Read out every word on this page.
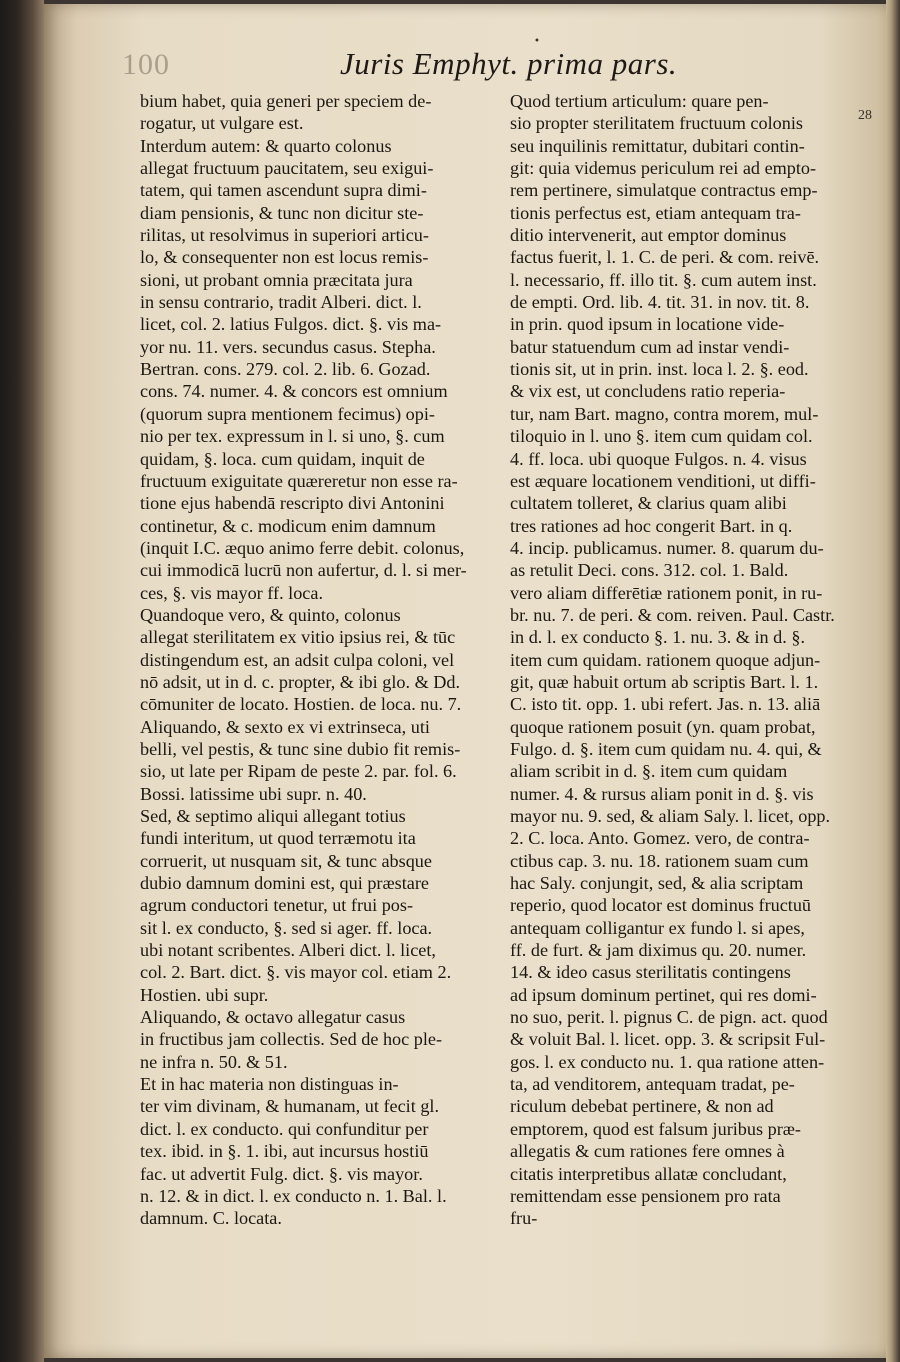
100
•
Juris Emphyt. prima pars.
28
bium habet, quia generi per speciem de-
rogatur, ut vulgare est.
Interdum autem: & quarto colonus
allegat fructuum paucitatem, seu exigui-
tatem, qui tamen ascendunt supra dimi-
diam pensionis, & tunc non dicitur ste-
rilitas, ut resolvimus in superiori articu-
lo, & consequenter non est locus remis-
sioni, ut probant omnia præcitata jura
in sensu contrario, tradit Alberi. dict. l.
licet, col. 2. latius Fulgos. dict. §. vis ma-
yor nu. 11. vers. secundus casus. Stepha.
Bertran. cons. 279. col. 2. lib. 6. Gozad.
cons. 74. numer. 4. & concors est omnium
(quorum supra mentionem fecimus) opi-
nio per tex. expressum in l. si uno, §. cum
quidam, §. loca. cum quidam, inquit de
fructuum exiguitate quæreretur non esse ra-
tione ejus habendā rescripto divi Antonini
continetur, & c. modicum enim damnum
(inquit I.C. æquo animo ferre debit. colonus,
cui immodicā lucrū non aufertur, d. l. si mer-
ces, §. vis mayor ff. loca.
Quandoque vero, & quinto, colonus
allegat sterilitatem ex vitio ipsius rei, & tūc
distingendum est, an adsit culpa coloni, vel
nō adsit, ut in d. c. propter, & ibi glo. & Dd.
cōmuniter de locato. Hostien. de loca. nu. 7.
Aliquando, & sexto ex vi extrinseca, uti
belli, vel pestis, & tunc sine dubio fit remis-
sio, ut late per Ripam de peste 2. par. fol. 6.
Bossi. latissime ubi supr. n. 40.
Sed, & septimo aliqui allegant totius
fundi interitum, ut quod terræmotu ita
corruerit, ut nusquam sit, & tunc absque
dubio damnum domini est, qui præstare
agrum conductori tenetur, ut frui pos-
sit l. ex conducto, §. sed si ager. ff. loca.
ubi notant scribentes. Alberi dict. l. licet,
col. 2. Bart. dict. §. vis mayor col. etiam 2.
Hostien. ubi supr.
Aliquando, & octavo allegatur casus
in fructibus jam collectis. Sed de hoc ple-
ne infra n. 50. & 51.
Et in hac materia non distinguas in-
ter vim divinam, & humanam, ut fecit gl.
dict. l. ex conducto. qui confunditur per
tex. ibid. in §. 1. ibi, aut incursus hostiū
fac. ut advertit Fulg. dict. §. vis mayor.
n. 12. & in dict. l. ex conducto n. 1. Bal. l.
damnum. C. locata.
Quod tertium articulum: quare pen-
sio propter sterilitatem fructuum colonis
seu inquilinis remittatur, dubitari contin-
git: quia videmus periculum rei ad empto-
rem pertinere, simulatque contractus emp-
tionis perfectus est, etiam antequam tra-
ditio intervenerit, aut emptor dominus
factus fuerit, l. 1. C. de peri. & com. reivē.
l. necessario, ff. illo tit. §. cum autem inst.
de empti. Ord. lib. 4. tit. 31. in nov. tit. 8.
in prin. quod ipsum in locatione vide-
batur statuendum cum ad instar vendi-
tionis sit, ut in prin. inst. loca l. 2. §. eod.
& vix est, ut concludens ratio reperia-
tur, nam Bart. magno, contra morem, mul-
tiloquio in l. uno §. item cum quidam col.
4. ff. loca. ubi quoque Fulgos. n. 4. visus
est æquare locationem venditioni, ut diffi-
cultatem tolleret, & clarius quam alibi
tres rationes ad hoc congerit Bart. in q.
4. incip. publicamus. numer. 8. quarum du-
as retulit Deci. cons. 312. col. 1. Bald.
vero aliam differētiæ rationem ponit, in ru-
br. nu. 7. de peri. & com. reiven. Paul. Castr.
in d. l. ex conducto §. 1. nu. 3. & in d. §.
item cum quidam. rationem quoque adjun-
git, quæ habuit ortum ab scriptis Bart. l. 1.
C. isto tit. opp. 1. ubi refert. Jas. n. 13. aliā
quoque rationem posuit (yn. quam probat,
Fulgo. d. §. item cum quidam nu. 4. qui, &
aliam scribit in d. §. item cum quidam
numer. 4. & rursus aliam ponit in d. §. vis
mayor nu. 9. sed, & aliam Saly. l. licet, opp.
2. C. loca. Anto. Gomez. vero, de contra-
ctibus cap. 3. nu. 18. rationem suam cum
hac Saly. conjungit, sed, & alia scriptam
reperio, quod locator est dominus fructuū
antequam colligantur ex fundo l. si apes,
ff. de furt. & jam diximus qu. 20. numer.
14. & ideo casus sterilitatis contingens
ad ipsum dominum pertinet, qui res domi-
no suo, perit. l. pignus C. de pign. act. quod
& voluit Bal. l. licet. opp. 3. & scripsit Ful-
gos. l. ex conducto nu. 1. qua ratione atten-
ta, ad venditorem, antequam tradat, pe-
riculum debebat pertinere, & non ad
emptorem, quod est falsum juribus præ-
allegatis & cum rationes fere omnes à
citatis interpretibus allatæ concludant,
remittendam esse pensionem pro rata
fru-
